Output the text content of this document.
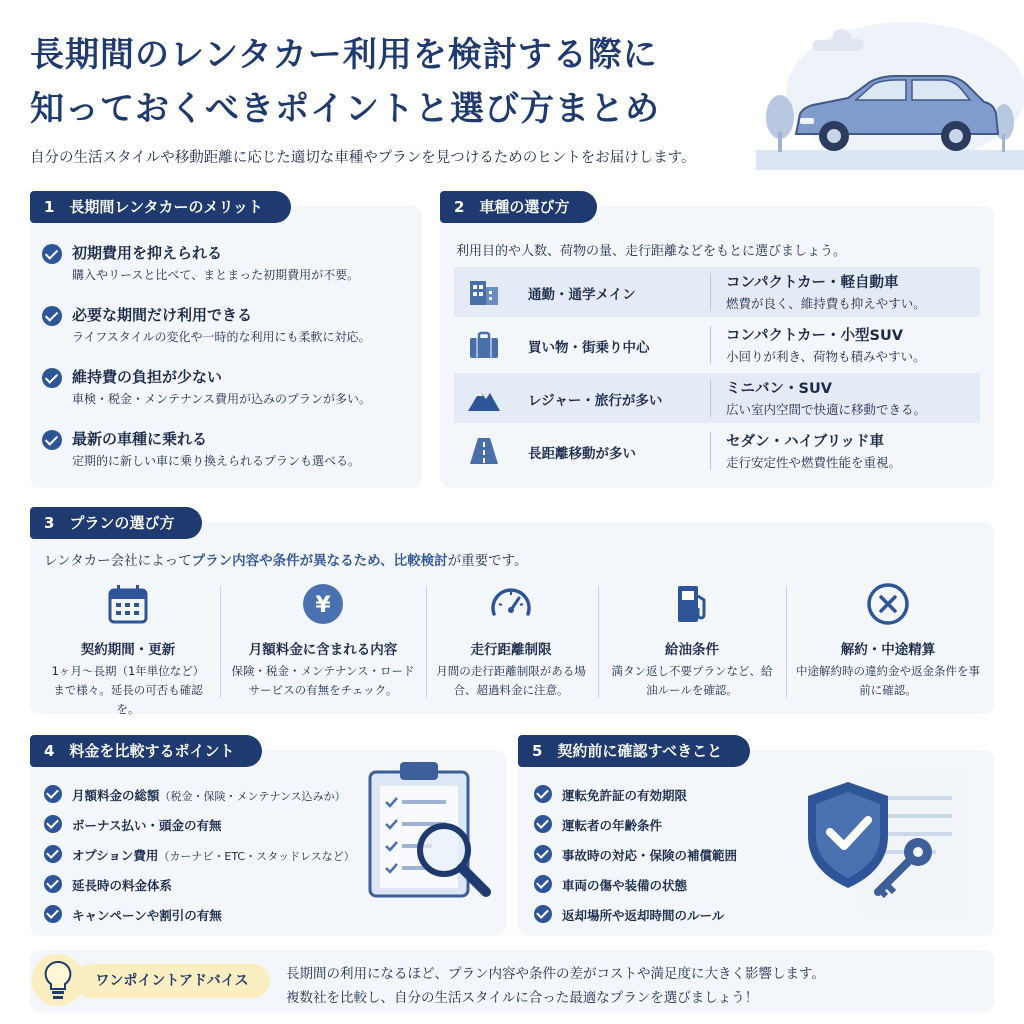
長期間のレンタカー利用を検討する際に
知っておくべきポイントと選び方まとめ
自分の生活スタイルや移動距離に応じた適切な車種やプランを見つけるためのヒントをお届けします。
1　長期間レンタカーのメリット
初期費用を抑えられる
購入やリースと比べて、まとまった初期費用が不要。
必要な期間だけ利用できる
ライフスタイルの変化や一時的な利用にも柔軟に対応。
維持費の負担が少ない
車検・税金・メンテナンス費用が込みのプランが多い。
最新の車種に乗れる
定期的に新しい車に乗り換えられるプランも選べる。
2　車種の選び方
利用目的や人数、荷物の量、走行距離などをもとに選びましょう。
通勤・通学メイン
コンパクトカー・軽自動車
燃費が良く、維持費も抑えやすい。
買い物・街乗り中心
コンパクトカー・小型SUV
小回りが利き、荷物も積みやすい。
レジャー・旅行が多い
ミニバン・SUV
広い室内空間で快適に移動できる。
長距離移動が多い
セダン・ハイブリッド車
走行安定性や燃費性能を重視。
3　プランの選び方
レンタカー会社によってプラン内容や条件が異なるため、比較検討が重要です。
契約期間・更新
1ヶ月〜長期（1年単位など）まで様々。延長の可否も確認を。
¥
月額料金に含まれる内容
保険・税金・メンテナンス・ロードサービスの有無をチェック。
走行距離制限
月間の走行距離制限がある場合、超過料金に注意。
給油条件
満タン返し不要プランなど、給油ルールを確認。
解約・中途精算
中途解約時の違約金や返金条件を事前に確認。
4　料金を比較するポイント
月額料金の総額（税金・保険・メンテナンス込みか）
ボーナス払い・頭金の有無
オプション費用（カーナビ・ETC・スタッドレスなど）
延長時の料金体系
キャンペーンや割引の有無
5　契約前に確認すべきこと
運転免許証の有効期限
運転者の年齢条件
事故時の対応・保険の補償範囲
車両の傷や装備の状態
返却場所や返却時間のルール
ワンポイントアドバイス	長期間の利用になるほど、プラン内容や条件の差がコストや満足度に大きく影響します。
複数社を比較し、自分の生活スタイルに合った最適なプランを選びましょう！
